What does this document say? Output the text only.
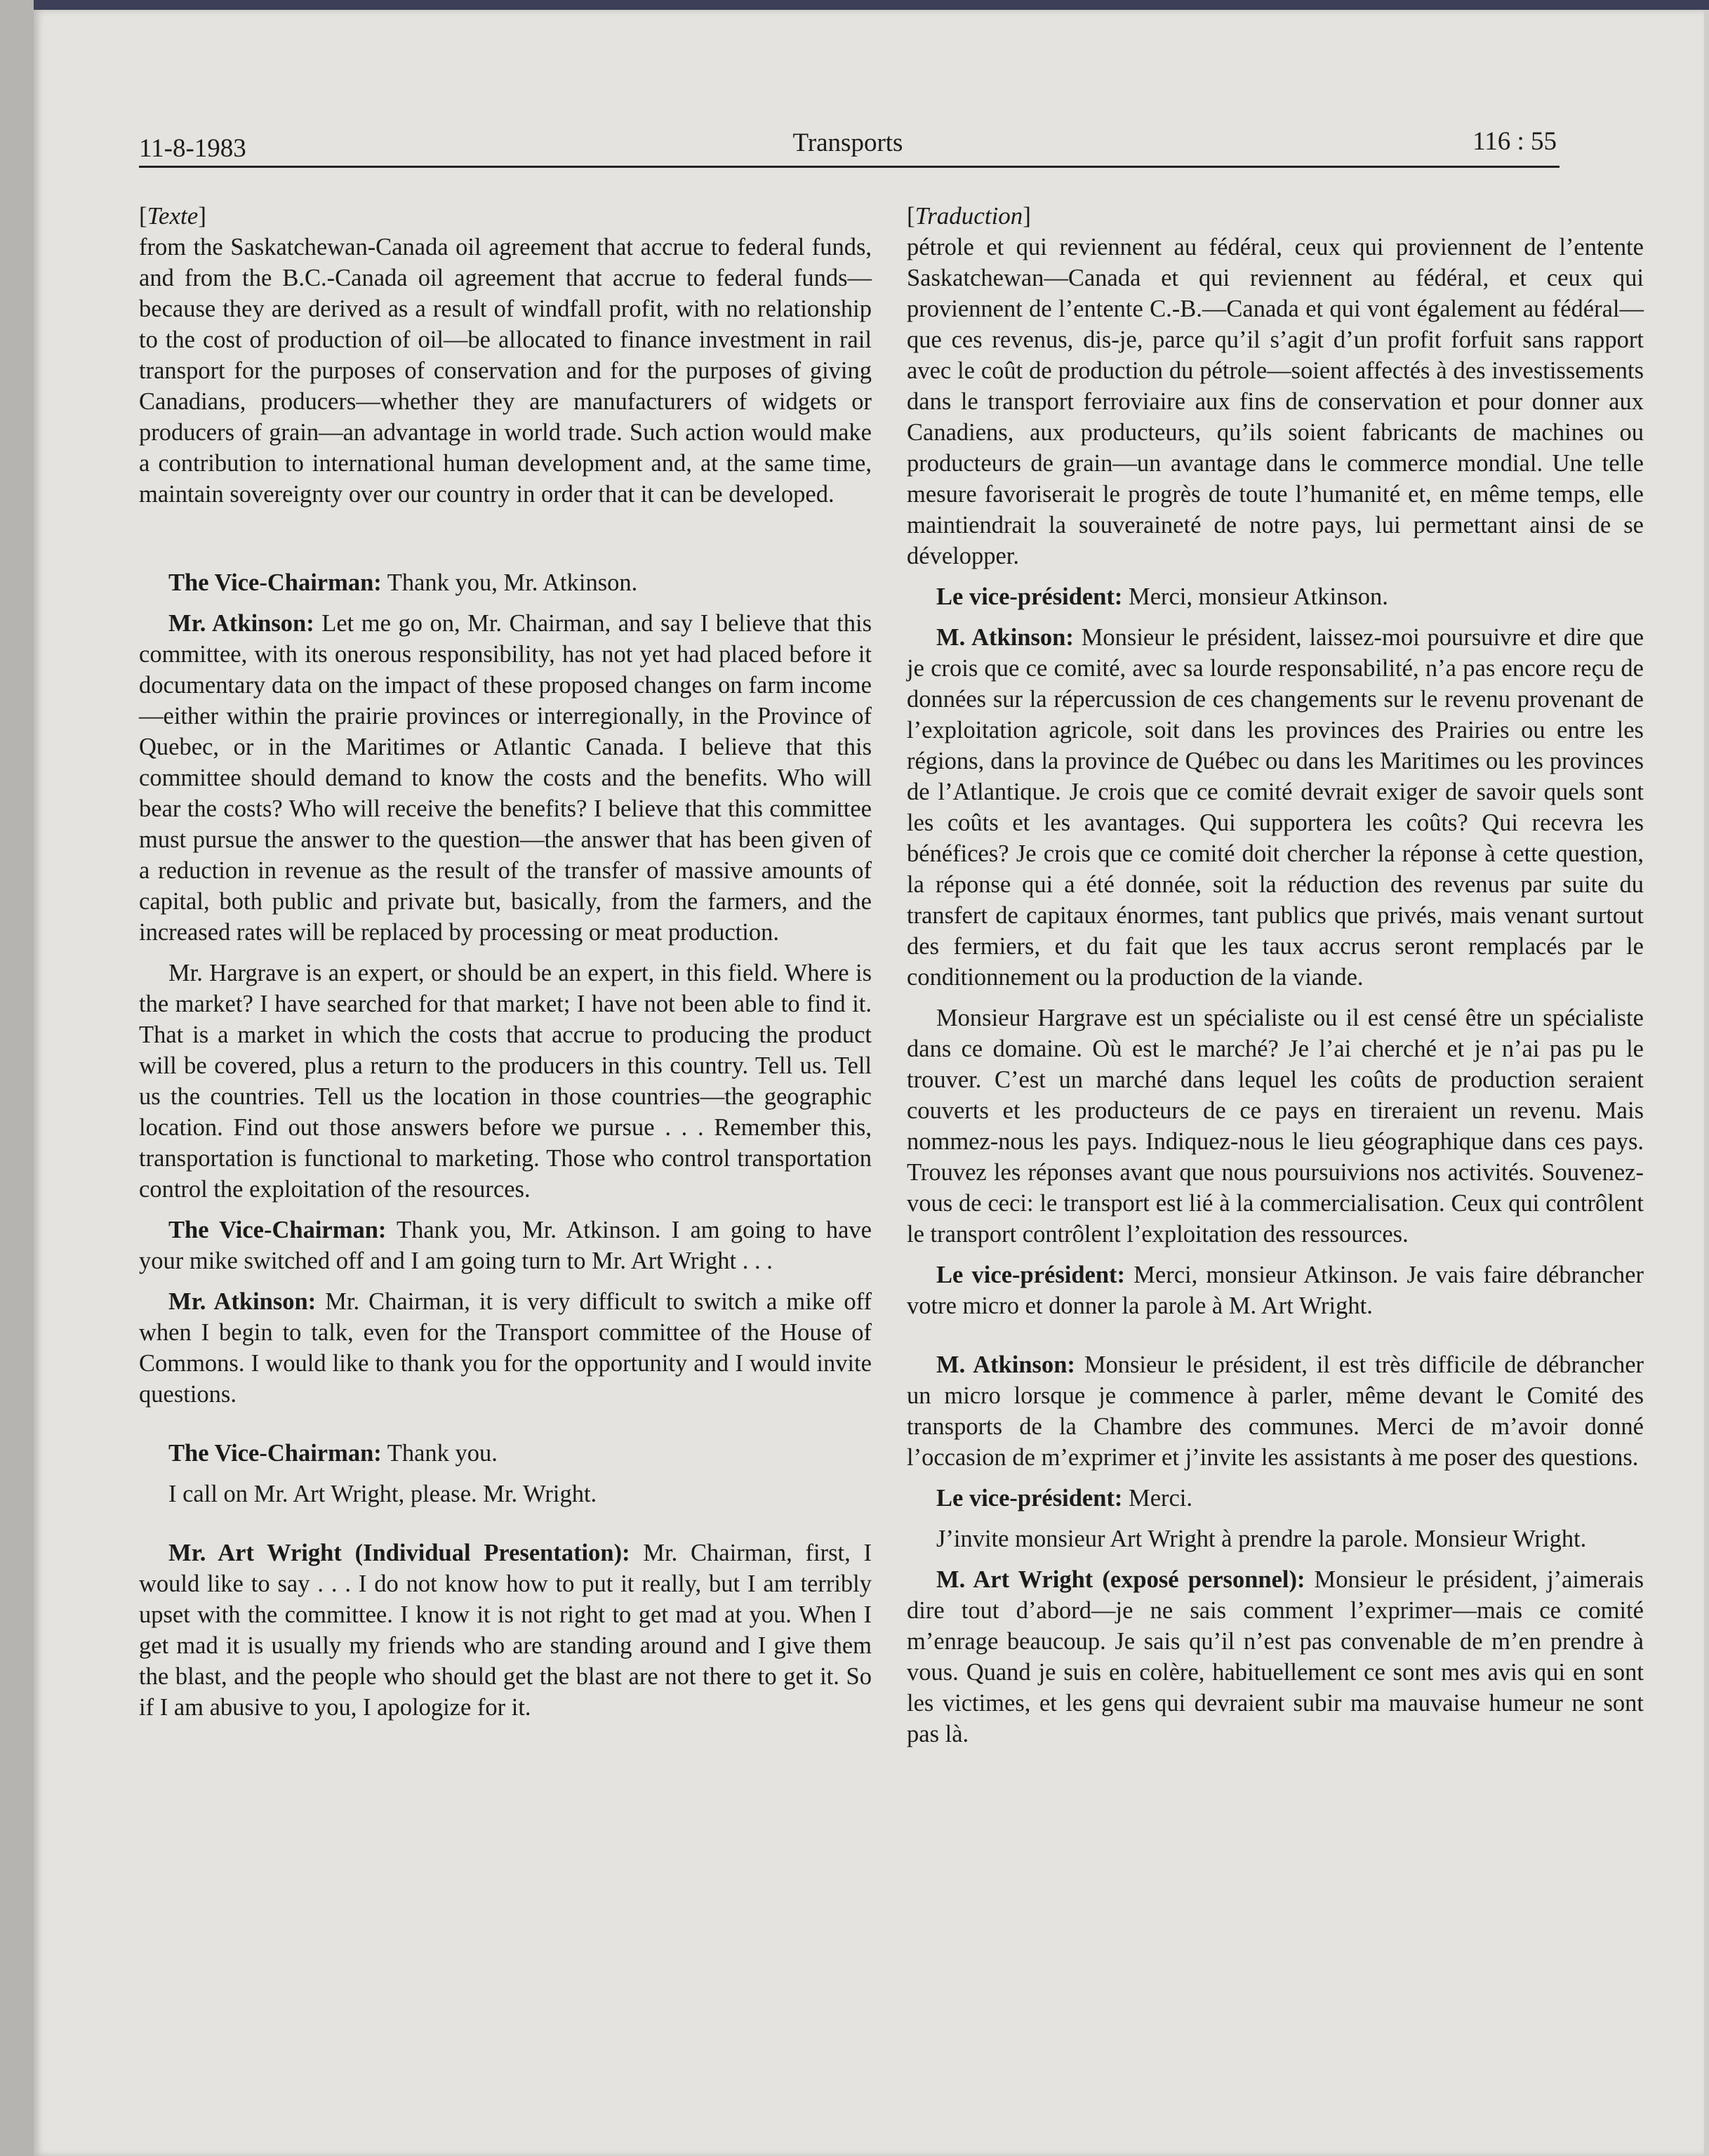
11-8-1983	Transports	116 : 55
[Texte]

from the Saskatchewan-Canada oil agreement that accrue to federal funds, and from the B.C.-Canada oil agreement that accrue to federal funds—because they are derived as a result of windfall profit, with no relationship to the cost of production of oil—be allocated to finance investment in rail transport for the purposes of conservation and for the purposes of giving Canadians, producers—whether they are manufacturers of widgets or producers of grain—an advantage in world trade. Such action would make a contribution to international human development and, at the same time, maintain sovereignty over our country in order that it can be developed.

The Vice-Chairman: Thank you, Mr. Atkinson.

Mr. Atkinson: Let me go on, Mr. Chairman, and say I believe that this committee, with its onerous responsibility, has not yet had placed before it documentary data on the impact of these proposed changes on farm income—either within the prairie provinces or interregionally, in the Province of Quebec, or in the Maritimes or Atlantic Canada. I believe that this committee should demand to know the costs and the benefits. Who will bear the costs? Who will receive the benefits? I believe that this committee must pursue the answer to the question—the answer that has been given of a reduction in revenue as the result of the transfer of massive amounts of capital, both public and private but, basically, from the farmers, and the increased rates will be replaced by processing or meat production.

Mr. Hargrave is an expert, or should be an expert, in this field. Where is the market? I have searched for that market; I have not been able to find it. That is a market in which the costs that accrue to producing the product will be covered, plus a return to the producers in this country. Tell us. Tell us the countries. Tell us the location in those countries—the geographic location. Find out those answers before we pursue . . . Remember this, transportation is functional to marketing. Those who control transportation control the exploitation of the resources.

The Vice-Chairman: Thank you, Mr. Atkinson. I am going to have your mike switched off and I am going turn to Mr. Art Wright . . .

Mr. Atkinson: Mr. Chairman, it is very difficult to switch a mike off when I begin to talk, even for the Transport committee of the House of Commons. I would like to thank you for the opportunity and I would invite questions.

The Vice-Chairman: Thank you.

I call on Mr. Art Wright, please. Mr. Wright.

Mr. Art Wright (Individual Presentation): Mr. Chairman, first, I would like to say . . . I do not know how to put it really, but I am terribly upset with the committee. I know it is not right to get mad at you. When I get mad it is usually my friends who are standing around and I give them the blast, and the people who should get the blast are not there to get it. So if I am abusive to you, I apologize for it.

[Traduction]

pétrole et qui reviennent au fédéral, ceux qui proviennent de l’entente Saskatchewan—Canada et qui reviennent au fédéral, et ceux qui proviennent de l’entente C.-B.—Canada et qui vont également au fédéral—que ces revenus, dis-je, parce qu’il s’agit d’un profit forfuit sans rapport avec le coût de production du pétrole—soient affectés à des investissements dans le transport ferroviaire aux fins de conservation et pour donner aux Canadiens, aux producteurs, qu’ils soient fabricants de machines ou producteurs de grain—un avantage dans le commerce mondial. Une telle mesure favoriserait le progrès de toute l’humanité et, en même temps, elle maintiendrait la souveraineté de notre pays, lui permettant ainsi de se développer.

Le vice-président: Merci, monsieur Atkinson.

M. Atkinson: Monsieur le président, laissez-moi poursuivre et dire que je crois que ce comité, avec sa lourde responsabilité, n’a pas encore reçu de données sur la répercussion de ces changements sur le revenu provenant de l’exploitation agricole, soit dans les provinces des Prairies ou entre les régions, dans la province de Québec ou dans les Maritimes ou les provinces de l’Atlantique. Je crois que ce comité devrait exiger de savoir quels sont les coûts et les avantages. Qui supportera les coûts? Qui recevra les bénéfices? Je crois que ce comité doit chercher la réponse à cette question, la réponse qui a été donnée, soit la réduction des revenus par suite du transfert de capitaux énormes, tant publics que privés, mais venant surtout des fermiers, et du fait que les taux accrus seront remplacés par le conditionnement ou la production de la viande.

Monsieur Hargrave est un spécialiste ou il est censé être un spécialiste dans ce domaine. Où est le marché? Je l’ai cherché et je n’ai pas pu le trouver. C’est un marché dans lequel les coûts de production seraient couverts et les producteurs de ce pays en tireraient un revenu. Mais nommez-nous les pays. Indiquez-nous le lieu géographique dans ces pays. Trouvez les réponses avant que nous poursuivions nos activités. Souvenez-vous de ceci: le transport est lié à la commercialisation. Ceux qui contrôlent le transport contrôlent l’exploitation des ressources.

Le vice-président: Merci, monsieur Atkinson. Je vais faire débrancher votre micro et donner la parole à M. Art Wright.

M. Atkinson: Monsieur le président, il est très difficile de débrancher un micro lorsque je commence à parler, même devant le Comité des transports de la Chambre des communes. Merci de m’avoir donné l’occasion de m’exprimer et j’invite les assistants à me poser des questions.

Le vice-président: Merci.

J’invite monsieur Art Wright à prendre la parole. Monsieur Wright.

M. Art Wright (exposé personnel): Monsieur le président, j’aimerais dire tout d’abord—je ne sais comment l’exprimer—mais ce comité m’enrage beaucoup. Je sais qu’il n’est pas convenable de m’en prendre à vous. Quand je suis en colère, habituellement ce sont mes avis qui en sont les victimes, et les gens qui devraient subir ma mauvaise humeur ne sont pas là.
